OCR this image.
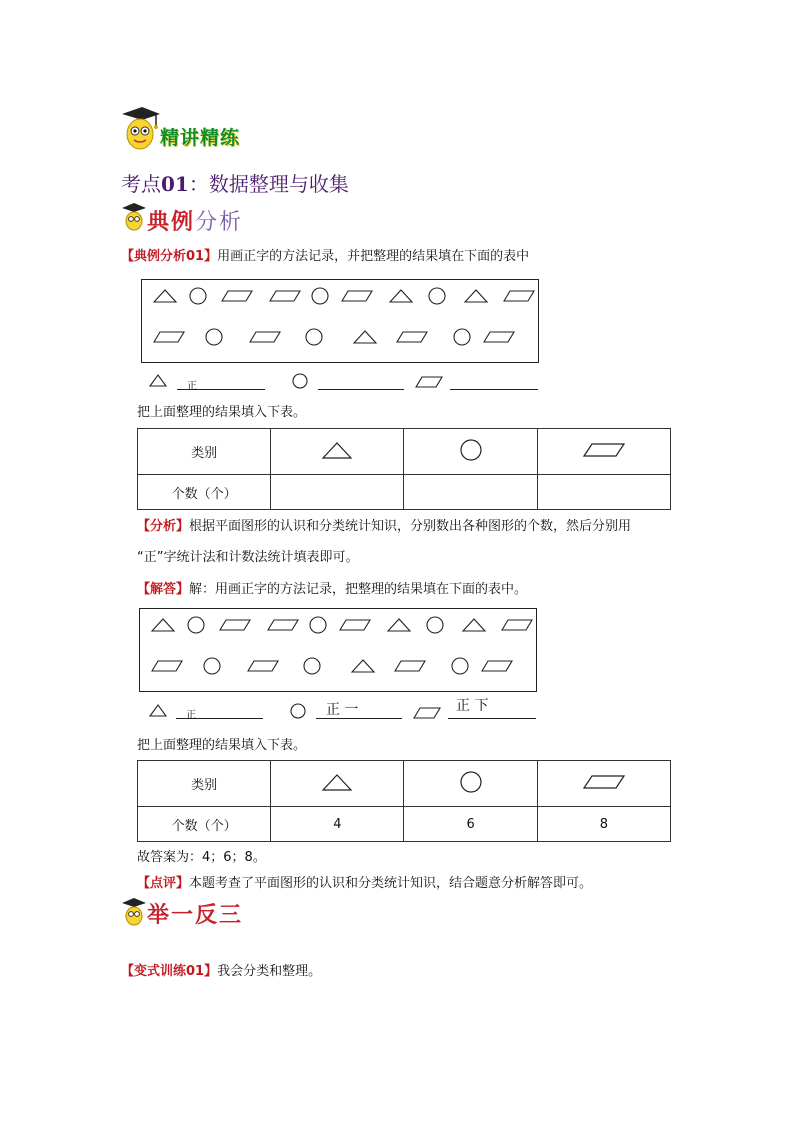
精讲精练
考点01：数据整理与收集
典例分析
【典例分析01】用画正字的方法记录，并把整理的结果填在下面的表中
正
把上面整理的结果填入下表。
类别			
个数（个）			
【分析】根据平面图形的认识和分类统计知识，分别数出各种图形的个数，然后分别用
“正”字统计法和计数法统计填表即可。
【解答】解：用画正字的方法记录，把整理的结果填在下面的表中。
正	正 一	正 下
把上面整理的结果填入下表。
类别			
个数（个）	4	6	8
故答案为：4；6；8。
【点评】本题考查了平面图形的认识和分类统计知识，结合题意分析解答即可。
举一反三
【变式训练01】我会分类和整理。
